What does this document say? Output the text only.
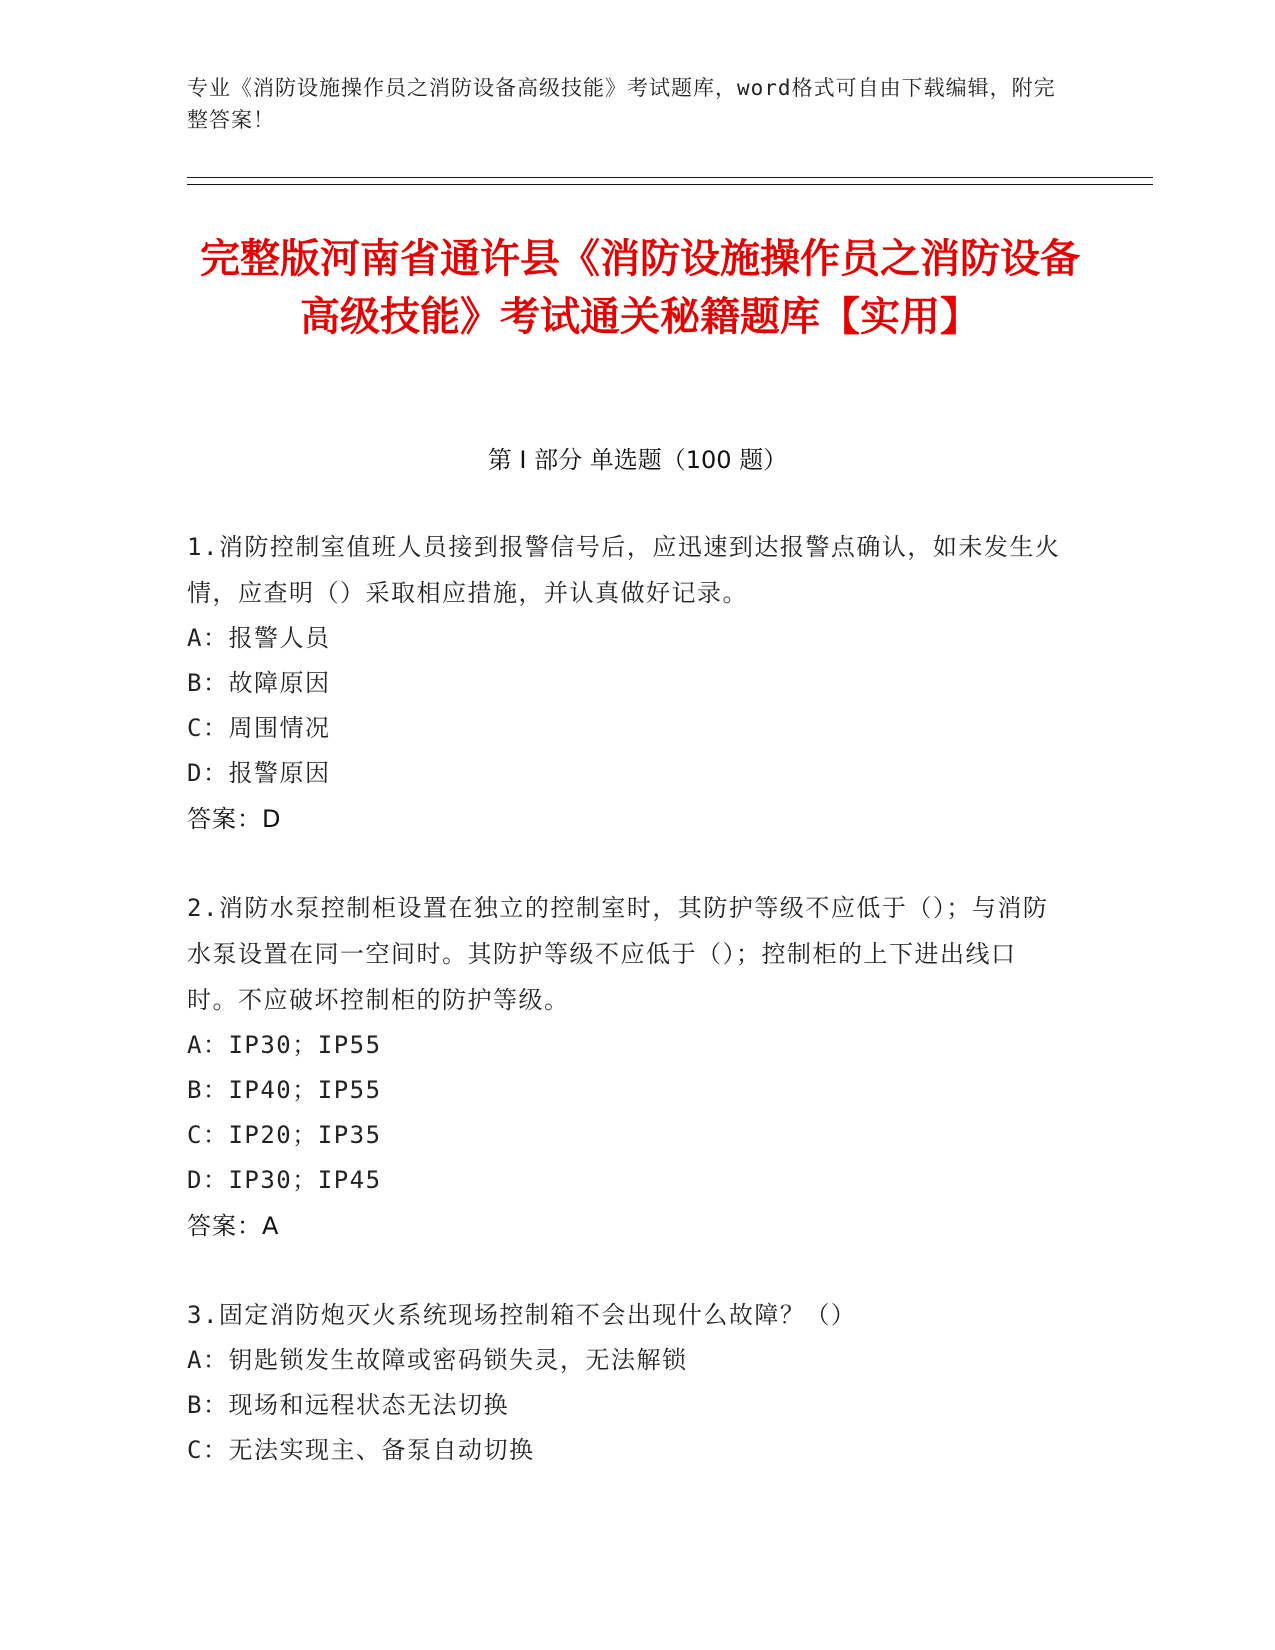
专业《消防设施操作员之消防设备高级技能》考试题库，word格式可自由下载编辑，附完整答案！
完整版河南省通许县《消防设施操作员之消防设备高级技能》考试通关秘籍题库【实用】
第 I 部分 单选题（100 题）

1.消防控制室值班人员接到报警信号后，应迅速到达报警点确认，如未发生火情，应查明（）采取相应措施，并认真做好记录。

A：报警人员

B：故障原因

C：周围情况

D：报警原因

答案：D

2.消防水泵控制柜设置在独立的控制室时，其防护等级不应低于（）；与消防水泵设置在同一空间时。其防护等级不应低于（）；控制柜的上下进出线口时。不应破坏控制柜的防护等级。

A：IP30；IP55

B：IP40；IP55

C：IP20；IP35

D：IP30；IP45

答案：A

3.固定消防炮灭火系统现场控制箱不会出现什么故障？（）

A：钥匙锁发生故障或密码锁失灵，无法解锁

B：现场和远程状态无法切换

C：无法实现主、备泵自动切换
